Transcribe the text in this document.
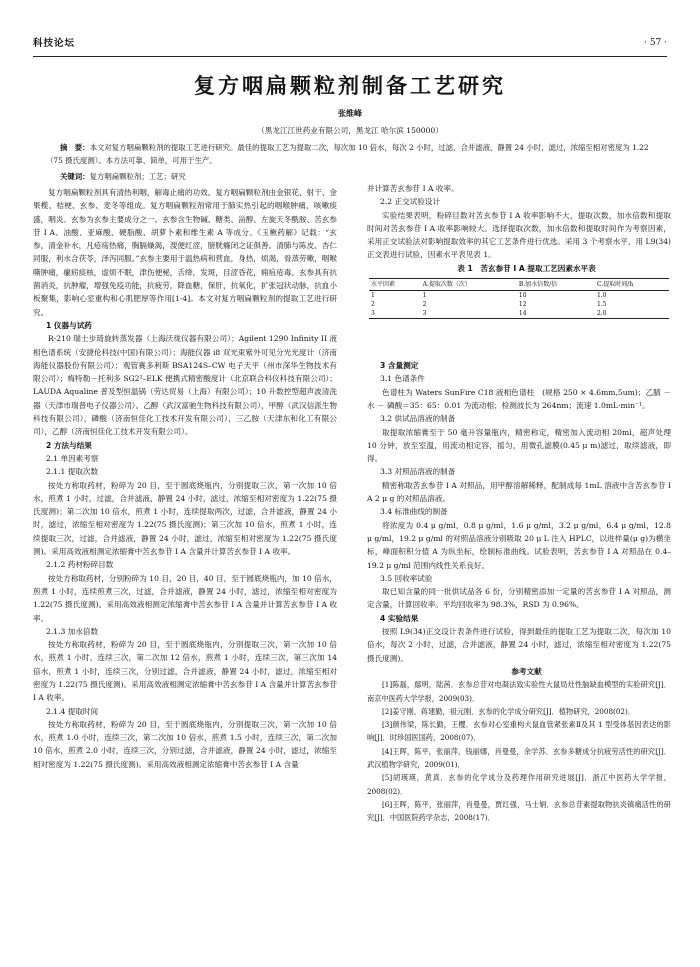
科技论坛	· 57 ·
复方咽扁颗粒剂制备工艺研究
张维峰
（黑龙江江世药业有限公司，黑龙江 哈尔滨 150000）
摘　要：本文对复方咽扁颗粒剂的提取工艺进行研究。最佳的提取工艺为提取二次，每次加 10 倍水，每次 2 小时，过滤，合并滤液，静置 24 小时，滤过，浓缩至相对密度为 1.22（75 摄氏度测）。本方法可靠、简单，可用于生产。
关键词：复方咽扁颗粒剂；工艺；研究

复方咽扁颗粒剂具有清热利咽，解毒止痛的功效。复方咽扁颗粒剂由金银花、射干、金果榄、桔梗、玄参、麦冬等组成。复方咽扁颗粒剂常用于肺实热引起的咽喉肿痛，咳嗽痰盛，咽炎。玄参为玄参主要成分之一。玄参含生物碱、糖类、甾醇、左旋天冬酰胺、苦玄参苷 I A、油酸、亚麻酸、硬脂酸、胡萝卜素和维生素 A 等成分。《玉楸药解》记载：“玄参，清金补水，凡疮疡热痛，胸膈燥渴，溲便红涩，膀胱癃闭之证俱善。清肺与陈皮、杏仁同服，利水合茯苓，泽泻同服。”玄参主要用于温热病和营血，身热，烦渴，骨蒸劳嗽，咽喉嘶肿痛，瘰疬痰核，虚烦不眠，津伤便秘，舌绛，发斑，目涩昏花，痈疽疮毒。玄参具有抗菌消炎，抗肿瘤，增强免疫功能，抗疲劳，降血糖，保肝，抗氧化，扩张冠状动脉，抗血小板聚集，影响心室重构和心肌肥厚等作用[1-4]。本文对复方咽扁颗粒剂的提取工艺进行研究。

1 仪器与试药

R-210 瑞士步琦旋转蒸发器（上海沃珑仪器有限公司）；Agilent 1290 Infinity II 液相色谱系统（安捷伦科技(中国)有限公司）；海能仪器 i8 双光束紫外可见分光光度计（济南海能仪器股份有限公司）；观管赛多利斯 BSA124S–CW 电子天平（州市深华生物技术有限公司）；梅特勒－托利多 SG2²–ELK 便携式精密酸度计（北京联合科仪科技有限公司）；LAUDA Aqualine 普及型恒温锅（劳达贸易（上海）有限公司）；10 升数控型超声波清洗器（天津市瑞普电子仪器公司）。乙醇（武汉富驰生物科技有限公司），甲醇（武汉信派生物科技有限公司），磷酸（济南恒佳化工技术开发有限公司），三乙胺（天津东和化工有限公司），乙醇（济南恒佳化工技术开发有限公司）。

2 方法与结果

2.1 单因素考察

2.1.1 提取次数

按处方称取药材，粉碎为 20 目，至于圆底烧瓶内，分别提取三次，第一次加 10 倍水，煎煮 1 小时，过滤，合并滤液，静置 24 小时，滤过，浓缩至相对密度为 1.22(75 摄氏度测)；第二次加 10 倍水，煎煮 1 小时，连续提取两次，过滤，合并滤液，静置 24 小时，滤过，浓缩至相对密度为 1.22(75 摄氏度测)；第三次加 10 倍水，煎煮 1 小时，连续提取三次，过滤，合并滤液，静置 24 小时，滤过，浓缩至相对密度为 1.22(75 摄氏度测)。采用高效液相测定浓缩膏中苦玄参苷 I A 含量并计算苦玄参苷 I A 收率。

2.1.2 药材粉碎目数

按处方称取药材，分别粉碎为 10 目，20 目，40 目，至于圆底烧瓶内，加 10 倍水，煎煮 1 小时，连续煎煮三次，过滤，合并滤液，静置 24 小时，滤过，浓缩至相对密度为 1.22(75 摄氏度测)。采用高效液相测定浓缩膏中苦玄参苷 I A 含量并计算苦玄参苷 I A 收率。

2.1.3 加水倍数

按处方称取药材，粉碎为 20 目，至于圆底烧瓶内，分别提取三次，第一次加 10 倍水，煎煮 1 小时，连续三次，第二次加 12 倍水，煎煮 1 小时，连续三次，第三次加 14 倍水，煎煮 1 小时，连续三次，分别过滤，合并滤液，静置 24 小时，滤过，浓缩至相对密度为 1.22(75 摄氏度测)。采用高效液相测定浓缩膏中苦玄参苷 I A 含量并计算苦玄参苷 I A 收率。

2.1.4 提取时间

按处方称取药材，粉碎为 20 目，至于圆底烧瓶内，分别提取三次，第一次加 10 倍水，煎煮 1.0 小时，连续三次，第二次加 10 倍水，煎煮 1.5 小时，连续三次，第二次加 10 倍水，煎煮 2.0 小时，连续三次，分别过滤，合并滤液，静置 24 小时，滤过，浓缩至相对密度为 1.22(75 摄氏度测)。采用高效液相测定浓缩膏中苦玄参苷 I A 含量

并计算苦玄参苷 I A 收率。

2.2 正交试验设计

实验结果表明，粉碎目数对苦玄参苷 I A 收率影响不大，提取次数，加水倍数和提取时间对苦玄参苷 I A 收率影响较大。选择提取次数，加水倍数和提取时间作为考察因素，采用正交试验法对影响提取效率的其它工艺条件进行优选。采用 3 个考察水平，用 L9(34)正交表进行试验，因素水平表见表 1。

表 1　苦玄参苷 I A 提取工艺因素水平表

水平因素	A.提取次数（次）	B.加水倍数/倍	C.提取时间/h
1	1	10	1.0
2	2	12	1.5
3	3	14	2.0

3 含量测定

3.1 色谱条件

色谱柱为 Waters SunFire C18 液相色谱柱　(规格 250 × 4.6mm,5um)；乙腈 － 水 － 磷酸＝35：65：0.01 为流动相；检测波长为 264nm；流速 1.0mL·min⁻¹。

3.2 供试品溶液的制备

取提取浓缩膏至于 50 毫升容量瓶内，精密称定，精密加入流动相 20ml，超声处理 10 分钟，放至室温，用流动相定容，摇匀，用微孔滤膜(0.45 μ m)滤过，取续滤液，即得。

3.3 对照品溶液的制备

精密称取苦玄参苷 I A 对照品，用甲醇溶解稀释，配制成每 1mL 溶液中含苦玄参苷 I A 2 μ g 的对照品溶液。

3.4 标准曲线的制备

将浓度为 0.4 μ g/ml，0.8 μ g/ml，1.6 μ g/ml，3.2 μ g/ml，6.4 μ g/ml，12.8 μ g/ml，19.2 μ g/ml 的对照品溶液分别吸取 20 μ L 注入 HPLC，以进样量(μ g)为横坐标，峰面积积分值 A 为纵坐标，绘制标准曲线。试验表明，苦玄参苷 I A 对照品在 0.4–19.2 μ g/ml 范围内线性关系良好。

3.5 回收率试验

取已知含量的同一批供试品各 6 份，分别精密添加一定量的苦玄参苷 I A 对照品，测定含量，计算回收率。平均回收率为 98.3%，RSD 为 0.96%。

4 实验结果

按照 L9(34)正交设计表条件进行试验，得到最佳的提取工艺为提取二次，每次加 10 倍水，每次 2 小时，过滤，合并滤液，静置 24 小时，滤过，浓缩至相对密度为 1.22(75 摄氏度测)。

参考文献

[1]陈磊，鄢明，陆茜．玄参总苷对电凝法致实验性大鼠局灶性脑缺血模型的实验研究[J]．南京中医药大学学报，2009(03)．

[2]姜守刚，蒋建勤，祖元刚．玄参的化学成分研究[J]．植物研究，2008(02)．

[3]颜伟梁，陈长勤，王樱．玄参对心室重构大鼠血管紧张素Ⅱ及其 1 型受体基因表达的影响[J]．时珍国医国药，2008(07)．

[4]王晖，陈平，张丽萍，钱丽娜，肖曼曼，余学苏．玄参多糖成分抗疲劳活性的研究[J]．武汉植物学研究，2009(01)．

[5]胡瑛瑛，黄真．玄参的化学成分及药理作用研究进展[J]．浙江中医药大学学报，2008(02)．

[6]王晖，陈平，张丽萍，肖曼曼，贾红强，马士娟．玄参总苷素提取物抗炎镇痛活性的研究[J]．中国医院药学杂志，2008(17)．
